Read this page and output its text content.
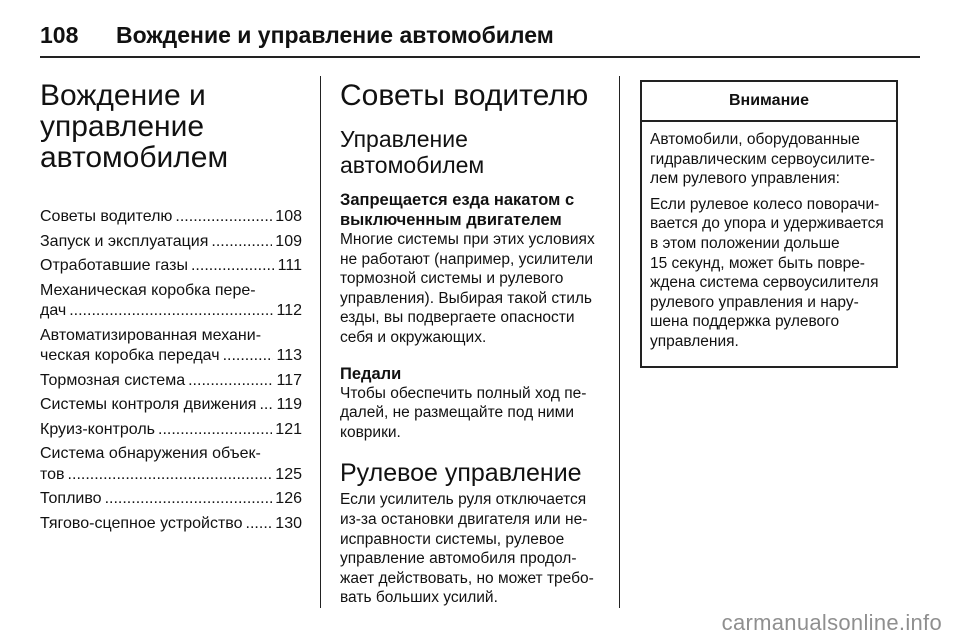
108	Вождение и управление автомобилем
Вождение и
управление
автомобилем
Советы водителю .....	108
Запуск и эксплуатация .....	109
Отработавшие газы .....	111
Механическая коробка пере-
дач .....	112
Автоматизированная механи-
ческая коробка передач .....	113
Тормозная система .....	117
Системы контроля движения ..... 119
Круиз-контроль .....	121
Система обнаружения объек-
тов .....	125
Топливо .....	126
Тягово-сцепное устройство ..... 130
Советы водителю
Управление
автомобилем
Запрещается езда накатом с
выключенным двигателем

Многие системы при этих условиях
не работают (например, усилители
тормозной системы и рулевого
управления). Выбирая такой стиль
езды, вы подвергаете опасности
себя и окружающих.

Педали

Чтобы обеспечить полный ход пе-
далей, не размещайте под ними
коврики.

Рулевое управление

Если усилитель руля отключается
из-за остановки двигателя или не-
исправности системы, рулевое
управление автомобиля продол-
жает действовать, но может требо-
вать больших усилий.

Внимание

Автомобили, оборудованные
гидравлическим сервоусилите-
лем рулевого управления:

Если рулевое колесо поворачи-
вается до упора и удерживается
в этом положении дольше
15 секунд, может быть повре-
ждена система сервоусилителя
рулевого управления и нару-
шена поддержка рулевого
управления.

carmanualsonline.info
